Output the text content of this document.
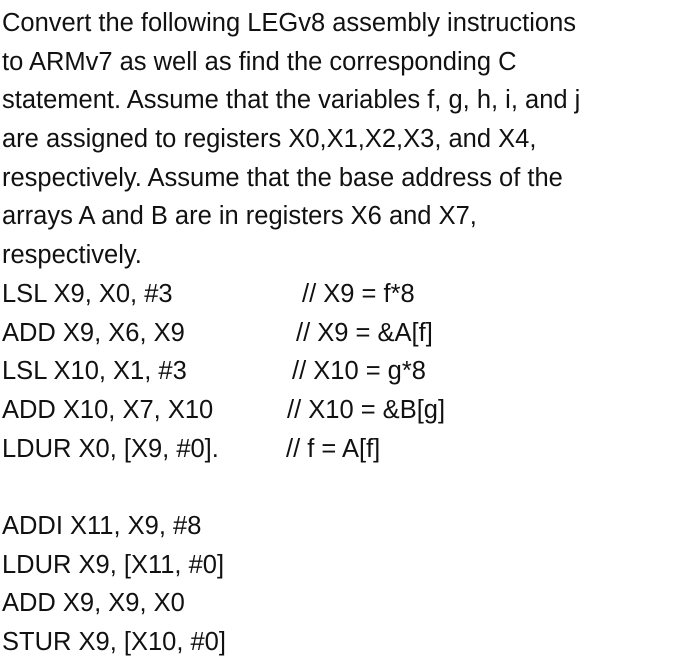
Convert the following LEGv8 assembly instructions
to ARMv7 as well as find the corresponding C
statement. Assume that the variables f, g, h, i, and j
are assigned to registers X0,X1,X2,X3, and X4,
respectively. Assume that the base address of the
arrays A and B are in registers X6 and X7,
respectively.
LSL X9, X0, #3	// X9 = f*8
ADD X9, X6, X9	// X9 = &A[f]
LSL X10, X1, #3	// X10 = g*8
ADD X10, X7, X10	// X10 = &B[g]
LDUR X0, [X9, #0].	// f = A[f]
ADDI X11, X9, #8
LDUR X9, [X11, #0]
ADD X9, X9, X0
STUR X9, [X10, #0]
